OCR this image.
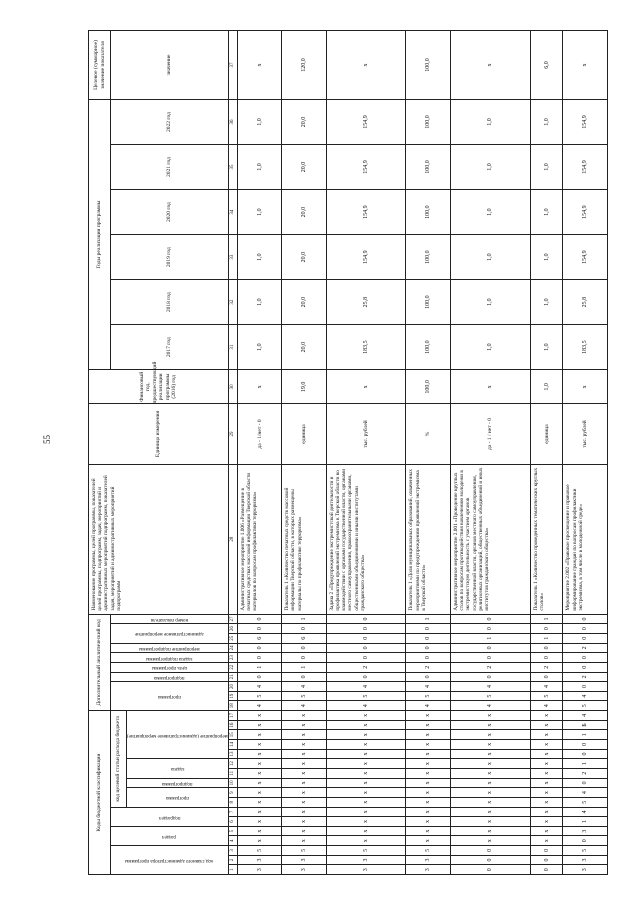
55
Коды бюджетной классификации																	Дополнительный аналитический код										Наименование программы, целей программы, показателей целей программы, подпрограмм, задач, мероприятий и административных мероприятий подпрограмм, показателей задач, мероприятий и административных мероприятий подпрограмм	Единица измерения	Финансовый год, предшествующий реализации программы (2016) год	Годы реализации программы						Целевое (суммарное) значение показателя

код главного администратора программы			раздел		подраздел		код целевой статьи расхода бюджета										программа			подпрограмма	цель программы	задача подпрограммы	мероприятие подпрограммы	административное мероприятие		номер показателя				2017 год	2018 год	2019 год	2020 год	2021 год	2022 год	значение

							программа		подпрограмма	задача		мероприятие (административное мероприятие)																								

1	2	3	4	5	6	7	8	9	10	11	12	13	14	15	16	17	18	19	20	21	22	23	24	25	26	27	28	29	30	31	32	33	34	35	36	37
3	3	5	х	х	х	х	х	х	х	х	х	х	х	х	х	х	4	5	4	0	1	0	0	6	0	0	Административное мероприятие 1.006 «Размещение в печатных средствах массовой информации Тверской области материалов по вопросам профилактики терроризма»	да - 1/нет - 0	х	1,0	1,0	1,0	1,0	1,0	1,0	х
3	3	5	х	х	х	х	х	х	х	х	х	х	х	х	х	х	4	5	4	0	1	0	0	6	0	1	Показатель 1 «Количество печатных средств массовой информации Тверской области, в которых размещены материалы по профилактике терроризма»	единица	19,0	20,0	20,0	20,0	20,0	20,0	20,0	120,0
3	3	5	х	х	х	х	х	х	х	х	х	х	х	х	х	х	4	5	4	0	2	0	0	0	0	0	Задача 2 «Предупреждение экстремистской деятельности и профилактика проявлений экстремизма в Тверской области во взаимодействии с органами государственной власти, органами местного самоуправления, правоохранительными органами, общественными объединениями и иными институтами гражданского общества»	тыс. рублей	х	183,5	25,8	154,9	154,9	154,9	154,9	х
3	3	5	х	х	х	х	х	х	х	х	х	х	х	х	х	х	4	5	4	0	2	0	0	0	0	1	Показатель 1 «Доля муниципальных образований, охваченных мероприятиями по предупреждению проявлений экстремизма в Тверской области»	%	100,0	100,0	100,0	100,0	100,0	100,0	100,0	100,0
0	0	0	х	х	х	х	х	х	х	х	х	х	х	х	х	х	4	5	4	0	2	0	0	1	0	0	Административное мероприятие 2.001 «Проведение круглых столов по вопросам противодействия вовлечению молодежи в экстремистскую деятельность с участием органов государственной власти, органов местного самоуправления, религиозных организаций, общественных объединений и иных институтов гражданского общества»	да - 1 / нет - 0	х	1,0	1,0	1,0	1,0	1,0	1,0	х
0	0	0	х	х	х	х	х	х	х	х	х	х	х	х	х	х	4	5	4	0	2	0	0	1	0	1	Показатель 1 «Количество проведенных тематических круглых столов»	единица	1,0	1,0	1,0	1,0	1,0	1,0	1,0	6,0
3	3	5	0	3	1	4	5	4	0	2	1	0	0	1	Б	4	5	4	0	2	0	0	2	0	0	0	Мероприятие 2.002 «Правовое просвещение и правовое информирование граждан по вопросам профилактики экстремизма, в том числе в молодежной среде»	тыс. рублей	х	183,5	25,8	154,9	154,9	154,9	154,9	х
